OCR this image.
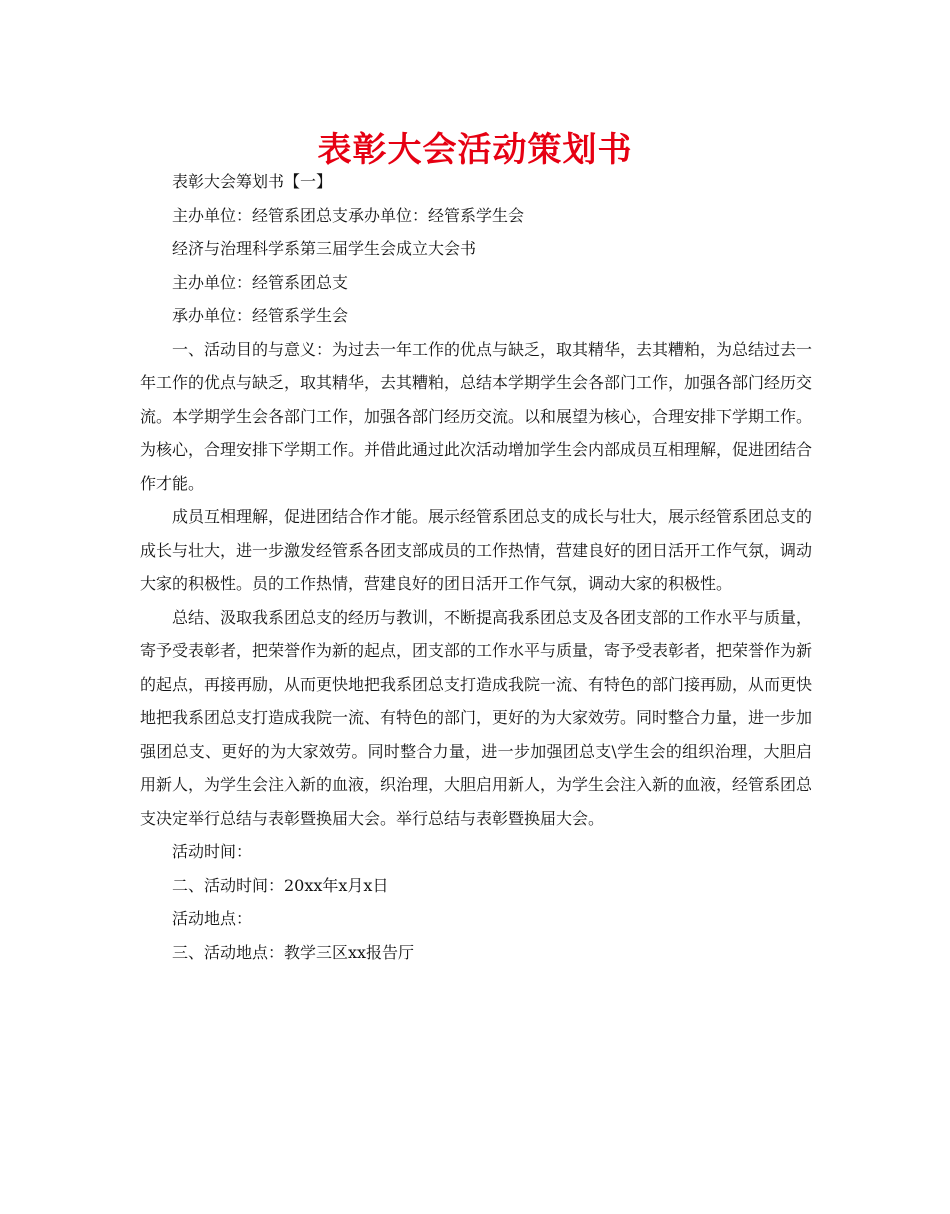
表彰大会活动策划书

表彰大会筹划书【一】

主办单位：经管系团总支承办单位：经管系学生会

经济与治理科学系第三届学生会成立大会书

主办单位：经管系团总支

承办单位：经管系学生会

一、活动目的与意义：为过去一年工作的优点与缺乏，取其精华，去其糟粕，为总结过去一年工作的优点与缺乏，取其精华，去其糟粕，总结本学期学生会各部门工作，加强各部门经历交流。本学期学生会各部门工作，加强各部门经历交流。以和展望为核心，合理安排下学期工作。为核心，合理安排下学期工作。并借此通过此次活动增加学生会内部成员互相理解，促进团结合作才能。

成员互相理解，促进团结合作才能。展示经管系团总支的成长与壮大，展示经管系团总支的成长与壮大，进一步激发经管系各团支部成员的工作热情，营建良好的团日活开工作气氛，调动大家的积极性。员的工作热情，营建良好的团日活开工作气氛，调动大家的积极性。

总结、汲取我系团总支的经历与教训，不断提高我系团总支及各团支部的工作水平与质量，寄予受表彰者，把荣誉作为新的起点，团支部的工作水平与质量，寄予受表彰者，把荣誉作为新的起点，再接再励，从而更快地把我系团总支打造成我院一流、有特色的部门接再励，从而更快地把我系团总支打造成我院一流、有特色的部门，更好的为大家效劳。同时整合力量，进一步加强团总支、更好的为大家效劳。同时整合力量，进一步加强团总支\学生会的组织治理，大胆启用新人，为学生会注入新的血液，织治理，大胆启用新人，为学生会注入新的血液，经管系团总支决定举行总结与表彰暨换届大会。举行总结与表彰暨换届大会。

活动时间：

二、活动时间：20xx年x月x日

活动地点：

三、活动地点：教学三区xx报告厅
